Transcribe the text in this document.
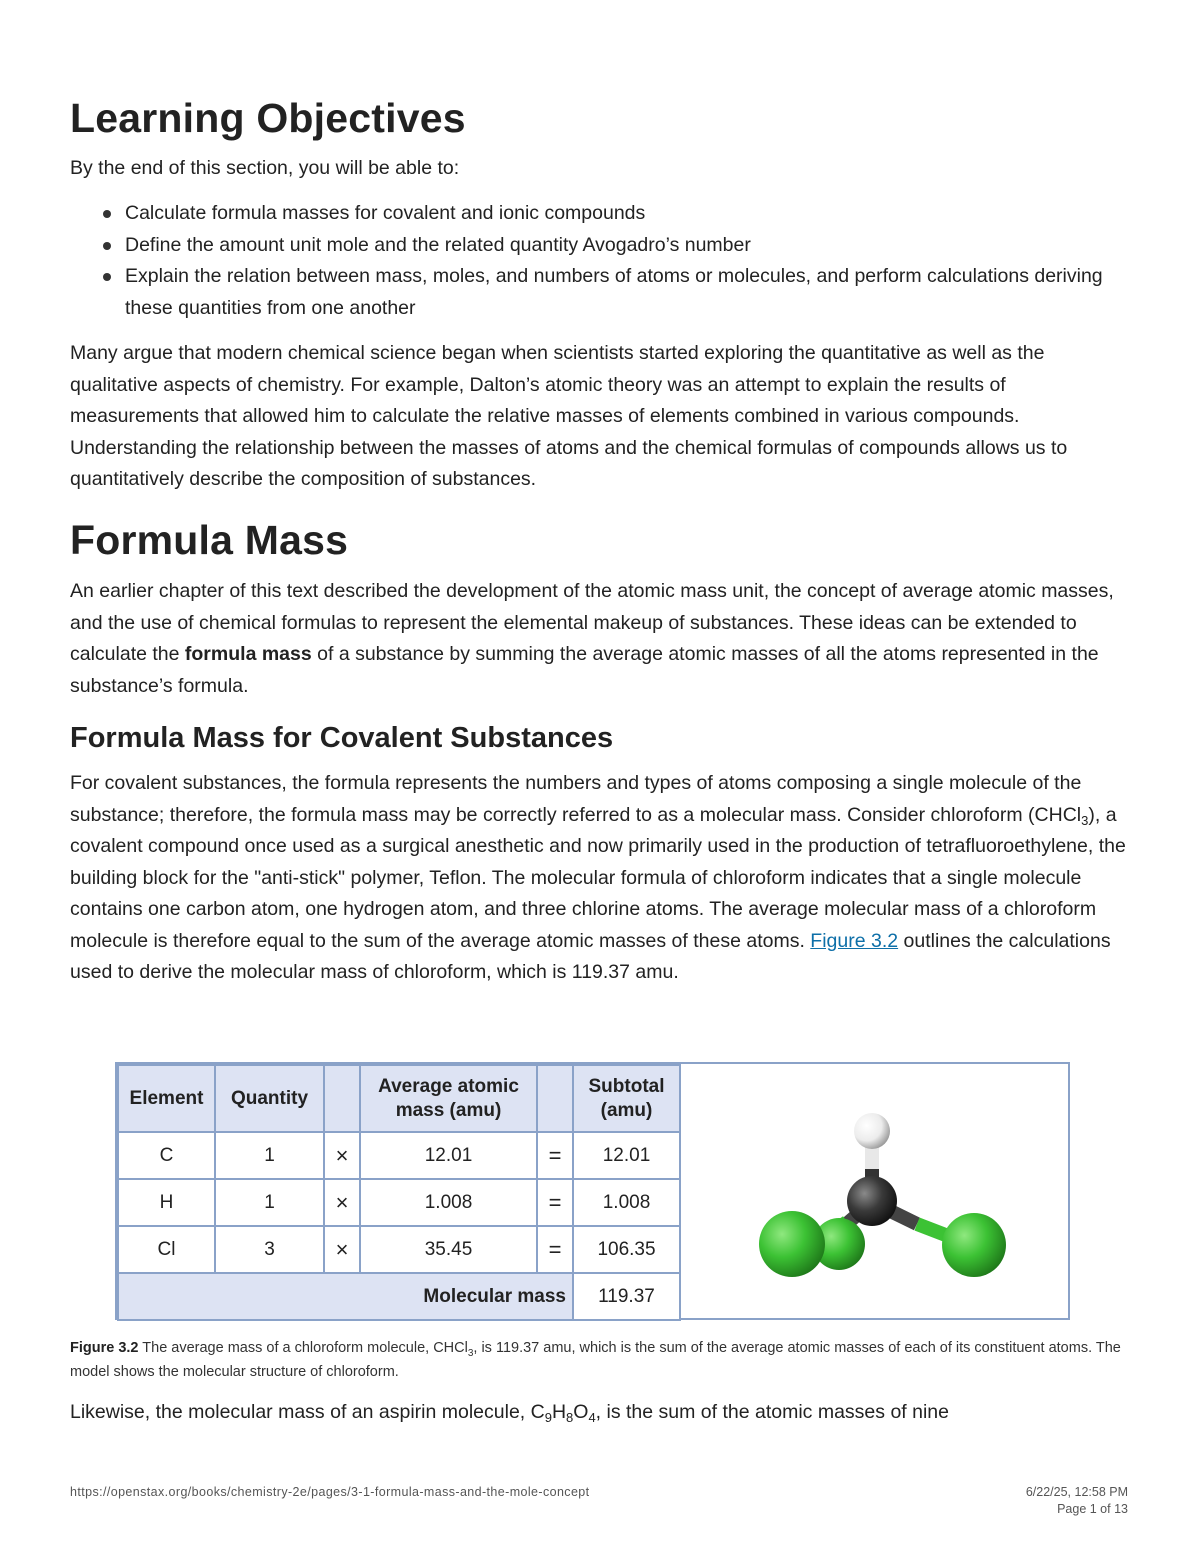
Learning Objectives

By the end of this section, you will be able to:

Calculate formula masses for covalent and ionic compounds
Define the amount unit mole and the related quantity Avogadro’s number
Explain the relation between mass, moles, and numbers of atoms or molecules, and perform calculations deriving these quantities from one another

Many argue that modern chemical science began when scientists started exploring the quantitative as well as the qualitative aspects of chemistry. For example, Dalton’s atomic theory was an attempt to explain the results of measurements that allowed him to calculate the relative masses of elements combined in various compounds. Understanding the relationship between the masses of atoms and the chemical formulas of compounds allows us to quantitatively describe the composition of substances.

Formula Mass

An earlier chapter of this text described the development of the atomic mass unit, the concept of average atomic masses, and the use of chemical formulas to represent the elemental makeup of substances. These ideas can be extended to calculate the formula mass of a substance by summing the average atomic masses of all the atoms represented in the substance’s formula.

Formula Mass for Covalent Substances

For covalent substances, the formula represents the numbers and types of atoms composing a single molecule of the substance; therefore, the formula mass may be correctly referred to as a molecular mass. Consider chloroform (CHCl$_3$), a covalent compound once used as a surgical anesthetic and now primarily used in the production of tetrafluoroethylene, the building block for the "anti-stick" polymer, Teflon. The molecular formula of chloroform indicates that a single molecule contains one carbon atom, one hydrogen atom, and three chlorine atoms. The average molecular mass of a chloroform molecule is therefore equal to the sum of the average atomic masses of these atoms. Figure 3.2 outlines the calculations used to derive the molecular mass of chloroform, which is 119.37 amu.

Element	Quantity		Average atomic mass (amu)		Subtotal (amu)
C	1	×	12.01	=	12.01
H	1	×	1.008	=	1.008
Cl	3	×	35.45	=	106.35
Molecular mass					119.37

Figure 3.2 The average mass of a chloroform molecule, CHCl$_3$, is 119.37 amu, which is the sum of the average atomic masses of each of its constituent atoms. The model shows the molecular structure of chloroform.

Likewise, the molecular mass of an aspirin molecule, $C_9H_8O_4$, is the sum of the atomic masses of nine

https://openstax.org/books/chemistry-2e/pages/3-1-formula-mass-and-the-mole-concept	6/22/25, 12:58 PM
Page 1 of 13
